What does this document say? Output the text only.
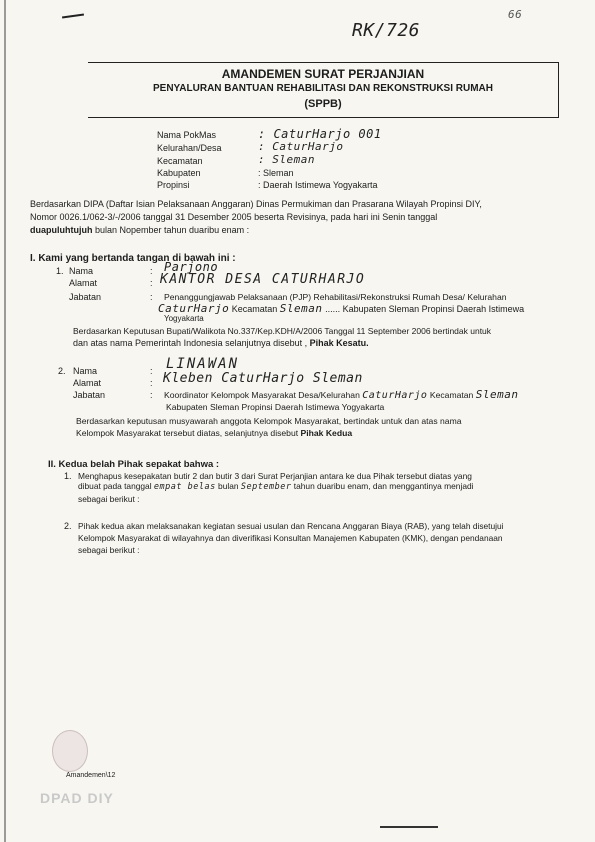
RK/726
66
AMANDEMEN SURAT PERJANJIAN
PENYALURAN BANTUAN REHABILITASI DAN REKONSTRUKSI RUMAH
(SPPB)
Nama PokMas	: CaturHarjo 001
Kelurahan/Desa	: CaturHarjo
Kecamatan	: Sleman
Kabupaten	: Sleman
Propinsi	: Daerah Istimewa Yogyakarta
Berdasarkan DIPA (Daftar Isian Pelaksanaan Anggaran) Dinas Permukiman dan Prasarana Wilayah Propinsi DIY,
Nomor 0026.1/062-3/-/2006 tanggal 31 Desember 2005 beserta Revisinya, pada hari ini Senin tanggal
duapuluhtujuh bulan Nopember tahun duaribu enam :
I. Kami yang bertanda tangan di bawah ini :
1. Nama	: Parjono
Alamat	: KANTOR DESA CATURHARJO
Jabatan	: Penanggungjawab Pelaksanaan (PJP) Rehabilitasi/Rekonstruksi Rumah Desa/ Kelurahan
CaturHarjo Kecamatan Sleman ...... Kabupaten Sleman Propinsi Daerah Istimewa
Yogyakarta
Berdasarkan Keputusan Bupati/Walikota No.337/Kep.KDH/A/2006 Tanggal 11 September 2006 bertindak untuk
dan atas nama Pemerintah Indonesia selanjutnya disebut , Pihak Kesatu.
2. Nama	: LINAWAN
Alamat	: Kleben CaturHarjo Sleman
Jabatan	: Koordinator Kelompok Masyarakat Desa/Kelurahan CaturHarjo Kecamatan Sleman
Kabupaten Sleman Propinsi Daerah Istimewa Yogyakarta
Berdasarkan keputusan musyawarah anggota Kelompok Masyarakat, bertindak untuk dan atas nama
Kelompok Masyarakat tersebut diatas, selanjutnya disebut Pihak Kedua
II. Kedua belah Pihak sepakat bahwa :
1. Menghapus kesepakatan butir 2 dan butir 3 dari Surat Perjanjian antara ke dua Pihak tersebut diatas yang
dibuat pada tanggal empat belas bulan September tahun duaribu enam, dan menggantinya menjadi
sebagai berikut :
2. Pihak kedua akan melaksanakan kegiatan sesuai usulan dan Rencana Anggaran Biaya (RAB), yang telah disetujui
Kelompok Masyarakat di wilayahnya dan diverifikasi Konsultan Manajemen Kabupaten (KMK), dengan pendanaan
sebagai berikut :
Amandemen\12
DPAD DIY
